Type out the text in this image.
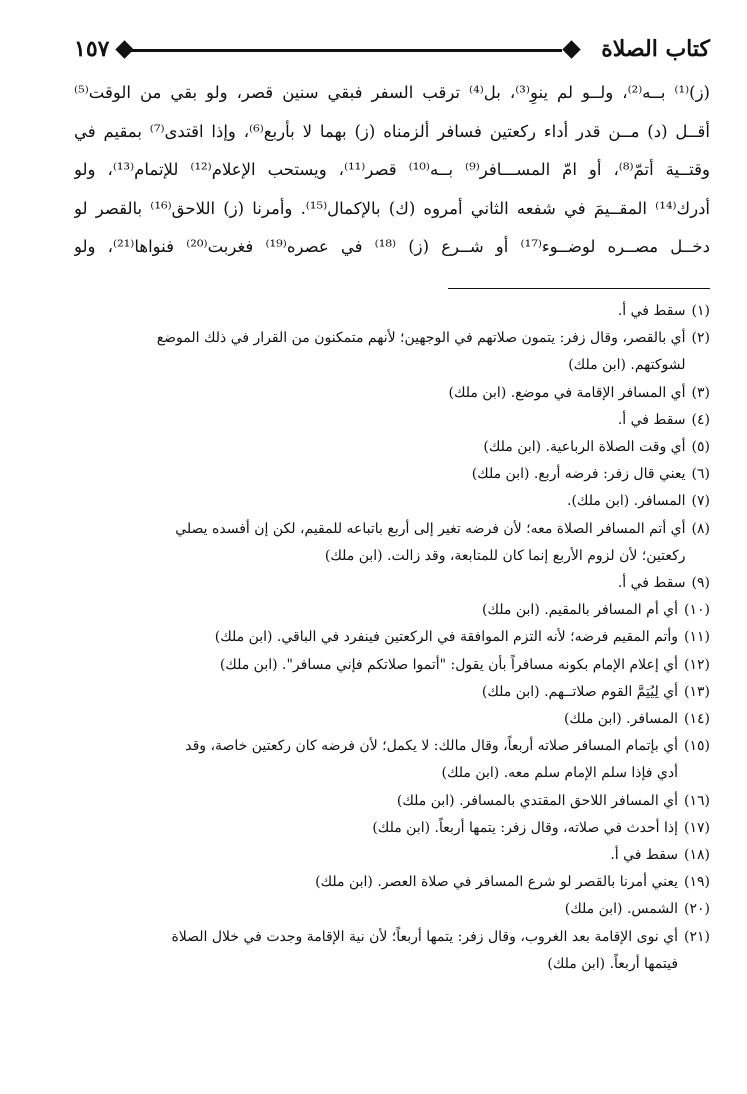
كتاب الصلاة
١٥٧
(ز)⁽¹⁾ بــه⁽²⁾، ولــو لم ينوِ⁽³⁾، بل⁽⁴⁾ ترقب السفر فبقي سنين قصر، ولو بقي من الوقت⁽⁵⁾
أقــل (د) مــن قدر أداء ركعتين فسافر ألزمناه (ز) بهما لا بأربع⁽⁶⁾، وإذا اقتدى⁽⁷⁾ بمقيم في
وقتــية أتمّ⁽⁸⁾، أو امّ المســـافر⁽⁹⁾ بــه⁽¹⁰⁾ قصر⁽¹¹⁾، ويستحب الإعلام⁽¹²⁾ للإتمام⁽¹³⁾، ولو
أدرك⁽¹⁴⁾ المقــيمَ في شفعه الثاني أمروه (ك) بالإكمال⁽¹⁵⁾. وأمرنا (ز) اللاحق⁽¹⁶⁾ بالقصر لو
دخــل مصــره لوضــوء⁽¹⁷⁾ أو شــرع (ز) ⁽¹⁸⁾ في عصره⁽¹⁹⁾ فغربت⁽²⁰⁾ فنواها⁽²¹⁾، ولو
(١)
سقط في أ.
(٢)
أي بالقصر، وقال زفر: يتمون صلاتهم في الوجهين؛ لأنهم متمكنون من القرار في ذلك الموضع
لشوكتهم. (ابن ملك)
(٣)
أي المسافر الإقامة في موضع. (ابن ملك)
(٤)
سقط في أ.
(٥)
أي وقت الصلاة الرباعية. (ابن ملك)
(٦)
يعني قال زفر: فرضه أربع. (ابن ملك)
(٧)
المسافر. (ابن ملك).
(٨)
أي أتم المسافر الصلاة معه؛ لأن فرضه تغير إلى أربع باتباعه للمقيم، لكن إن أفسده يصلي
ركعتين؛ لأن لزوم الأربع إنما كان للمتابعة، وقد زالت. (ابن ملك)
(٩)
سقط في أ.
(١٠)
أي أم المسافر بالمقيم. (ابن ملك)
(١١)
وأتم المقيم فرضه؛ لأنه التزم الموافقة في الركعتين فينفرد في الباقي. (ابن ملك)
(١٢)
أي إعلام الإمام بكونه مسافراً بأن يقول: "أتموا صلاتكم فإني مسافر". (ابن ملك)
(١٣)
أي لِيُتِمَّ القوم صلاتــهم. (ابن ملك)
(١٤)
المسافر. (ابن ملك)
(١٥)
أي بإتمام المسافر صلاته أربعاً، وقال مالك: لا يكمل؛ لأن فرضه كان ركعتين خاصة، وقد
أدي فإذا سلم الإمام سلم معه. (ابن ملك)
(١٦)
أي المسافر اللاحق المقتدي بالمسافر. (ابن ملك)
(١٧)
إذا أحدث في صلاته، وقال زفر: يتمها أربعاً. (ابن ملك)
(١٨)
سقط في أ.
(١٩)
يعني أمرنا بالقصر لو شرع المسافر في صلاة العصر. (ابن ملك)
(٢٠)
الشمس. (ابن ملك)
(٢١)
أي نوى الإقامة بعد الغروب، وقال زفر: يتمها أربعاً؛ لأن نية الإقامة وجدت في خلال الصلاة
فيتمها أربعاً. (ابن ملك)
